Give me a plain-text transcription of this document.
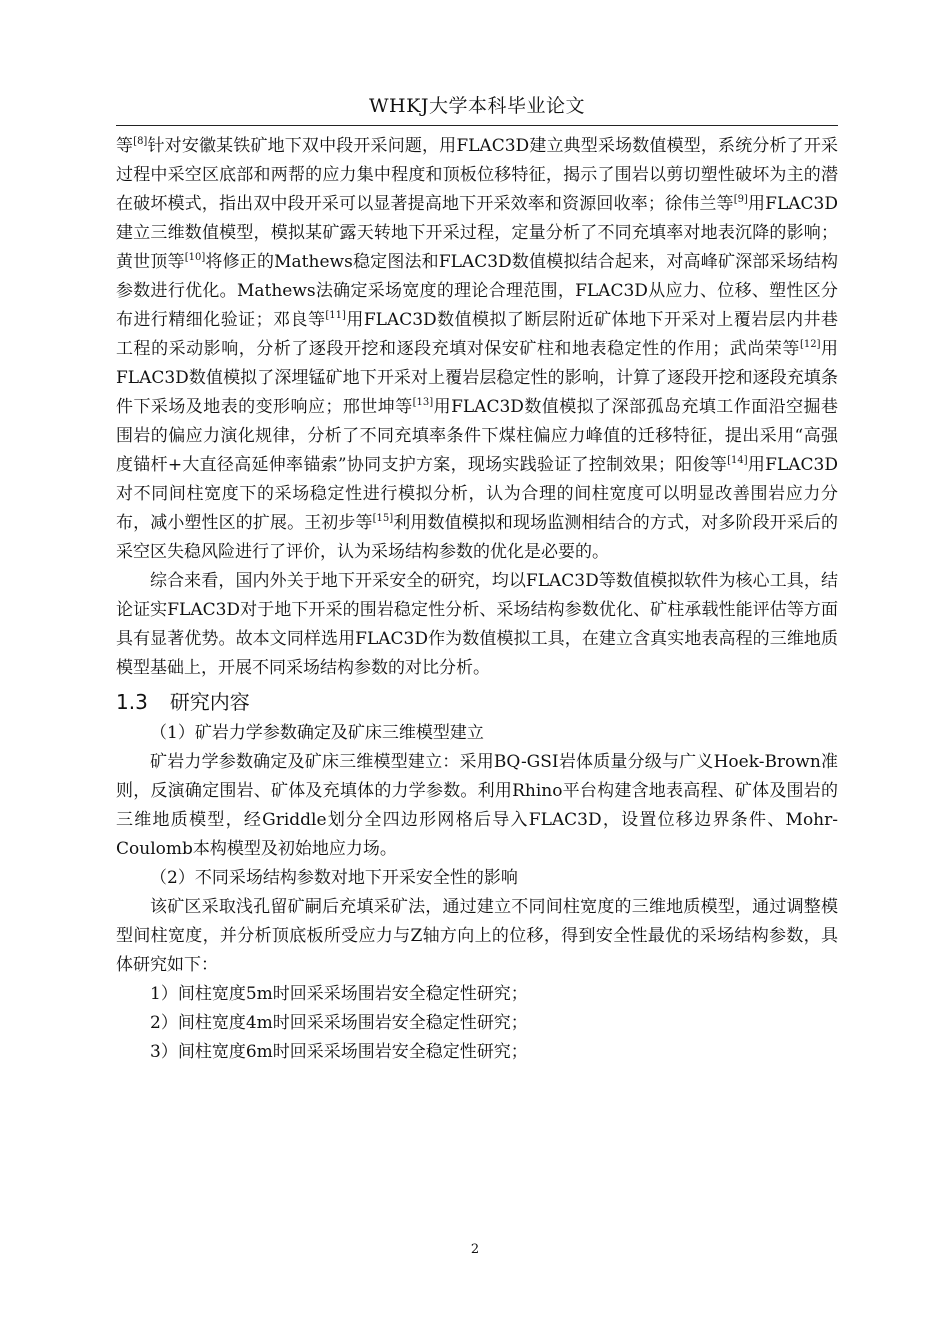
WHKJ大学本科毕业论文

等[8]针对安徽某铁矿地下双中段开采问题，用FLAC3D建立典型采场数值模型，系统分析了开采过程中采空区底部和两帮的应力集中程度和顶板位移特征，揭示了围岩以剪切塑性破坏为主的潜在破坏模式，指出双中段开采可以显著提高地下开采效率和资源回收率；徐伟兰等[9]用FLAC3D建立三维数值模型，模拟某矿露天转地下开采过程，定量分析了不同充填率对地表沉降的影响；黄世顶等[10]将修正的Mathews稳定图法和FLAC3D数值模拟结合起来，对高峰矿深部采场结构参数进行优化。Mathews法确定采场宽度的理论合理范围，FLAC3D从应力、位移、塑性区分布进行精细化验证；邓良等[11]用FLAC3D数值模拟了断层附近矿体地下开采对上覆岩层内井巷工程的采动影响，分析了逐段开挖和逐段充填对保安矿柱和地表稳定性的作用；武尚荣等[12]用FLAC3D数值模拟了深埋锰矿地下开采对上覆岩层稳定性的影响，计算了逐段开挖和逐段充填条件下采场及地表的变形响应；邢世坤等[13]用FLAC3D数值模拟了深部孤岛充填工作面沿空掘巷围岩的偏应力演化规律，分析了不同充填率条件下煤柱偏应力峰值的迁移特征，提出采用“高强度锚杆+大直径高延伸率锚索”协同支护方案，现场实践验证了控制效果；阳俊等[14]用FLAC3D对不同间柱宽度下的采场稳定性进行模拟分析，认为合理的间柱宽度可以明显改善围岩应力分布，减小塑性区的扩展。王初步等[15]利用数值模拟和现场监测相结合的方式，对多阶段开采后的采空区失稳风险进行了评价，认为采场结构参数的优化是必要的。

综合来看，国内外关于地下开采安全的研究，均以FLAC3D等数值模拟软件为核心工具，结论证实FLAC3D对于地下开采的围岩稳定性分析、采场结构参数优化、矿柱承载性能评估等方面具有显著优势。故本文同样选用FLAC3D作为数值模拟工具，在建立含真实地表高程的三维地质模型基础上，开展不同采场结构参数的对比分析。

1.3 研究内容

（1）矿岩力学参数确定及矿床三维模型建立

矿岩力学参数确定及矿床三维模型建立：采用BQ-GSI岩体质量分级与广义Hoek-Brown准则，反演确定围岩、矿体及充填体的力学参数。利用Rhino平台构建含地表高程、矿体及围岩的三维地质模型，经Griddle划分全四边形网格后导入FLAC3D，设置位移边界条件、Mohr-Coulomb本构模型及初始地应力场。

（2）不同采场结构参数对地下开采安全性的影响

该矿区采取浅孔留矿嗣后充填采矿法，通过建立不同间柱宽度的三维地质模型，通过调整模型间柱宽度，并分析顶底板所受应力与Z轴方向上的位移，得到安全性最优的采场结构参数，具体研究如下：

1）间柱宽度5m时回采采场围岩安全稳定性研究；

2）间柱宽度4m时回采采场围岩安全稳定性研究；

3）间柱宽度6m时回采采场围岩安全稳定性研究；

2
